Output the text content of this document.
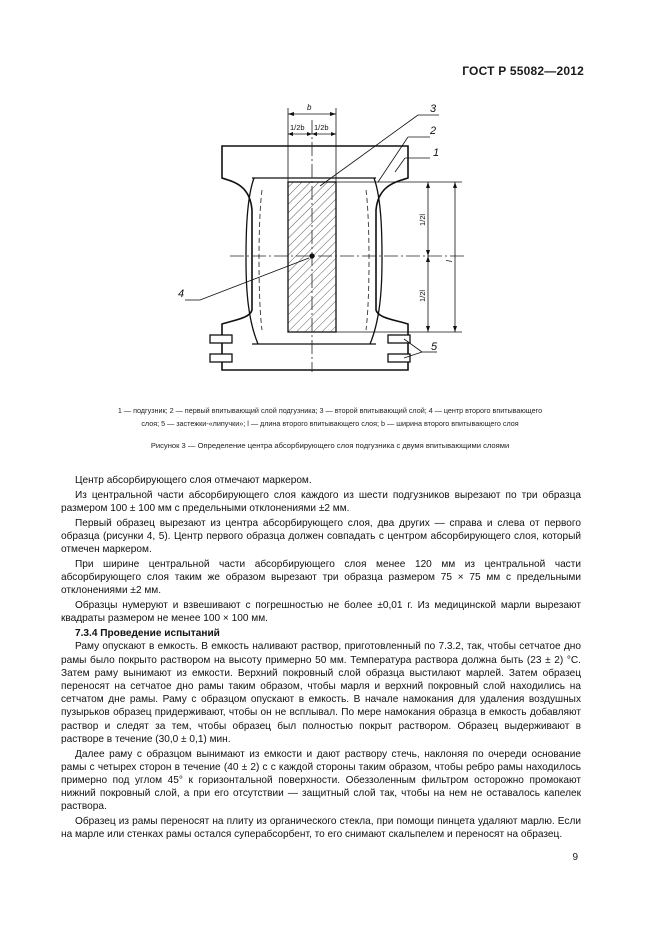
ГОСТ Р 55082—2012
b
1/2b 1/2b
3
2
1
4
5
1/2l
1/2l
l
1 — подгузник; 2 — первый впитывающий слой подгузника; 3 — второй впитывающий слой; 4 — центр второго впитывающего
слоя; 5 — застежки-«липучки»; l — длина второго впитывающего слоя; b — ширина второго впитывающего слоя
Рисунок 3 — Определение центра абсорбирующего слоя подгузника с двумя впитывающими слоями

Центр абсорбирующего слоя отмечают маркером.

Из центральной части абсорбирующего слоя каждого из шести подгузников вырезают по три образца размером 100 ± 100 мм с предельными отклонениями ±2 мм.

Первый образец вырезают из центра абсорбирующего слоя, два других — справа и слева от первого образца (рисунки 4, 5). Центр первого образца должен совпадать с центром абсорбирующего слоя, который отмечен маркером.

При ширине центральной части абсорбирующего слоя менее 120 мм из центральной части абсорбирующего слоя таким же образом вырезают три образца размером 75 × 75 мм с предельными отклонениями ±2 мм.

Образцы нумеруют и взвешивают с погрешностью не более ±0,01 г. Из медицинской марли вырезают квадраты размером не менее 100 × 100 мм.

7.3.4 Проведение испытаний

Раму опускают в емкость. В емкость наливают раствор, приготовленный по 7.3.2, так, чтобы сетчатое дно рамы было покрыто раствором на высоту примерно 50 мм. Температура раствора должна быть (23 ± 2) °С. Затем раму вынимают из емкости. Верхний покровный слой образца выстилают марлей. Затем образец переносят на сетчатое дно рамы таким образом, чтобы марля и верхний покровный слой находились на сетчатом дне рамы. Раму с образцом опускают в емкость. В начале намокания для удаления воздушных пузырьков образец придерживают, чтобы он не всплывал. По мере намокания образца в емкость добавляют раствор и следят за тем, чтобы образец был полностью покрыт раствором. Образец выдерживают в растворе в течение (30,0 ± 0,1) мин.

Далее раму с образцом вынимают из емкости и дают раствору стечь, наклоняя по очереди основание рамы с четырех сторон в течение (40 ± 2) с с каждой стороны таким образом, чтобы ребро рамы находилось примерно под углом 45° к горизонтальной поверхности. Обеззоленным фильтром осторожно промокают нижний покровный слой, а при его отсутствии — защитный слой так, чтобы на нем не оставалось капелек раствора.

Образец из рамы переносят на плиту из органического стекла, при помощи пинцета удаляют марлю. Если на марле или стенках рамы остался суперабсорбент, то его снимают скальпелем и переносят на образец.

9
